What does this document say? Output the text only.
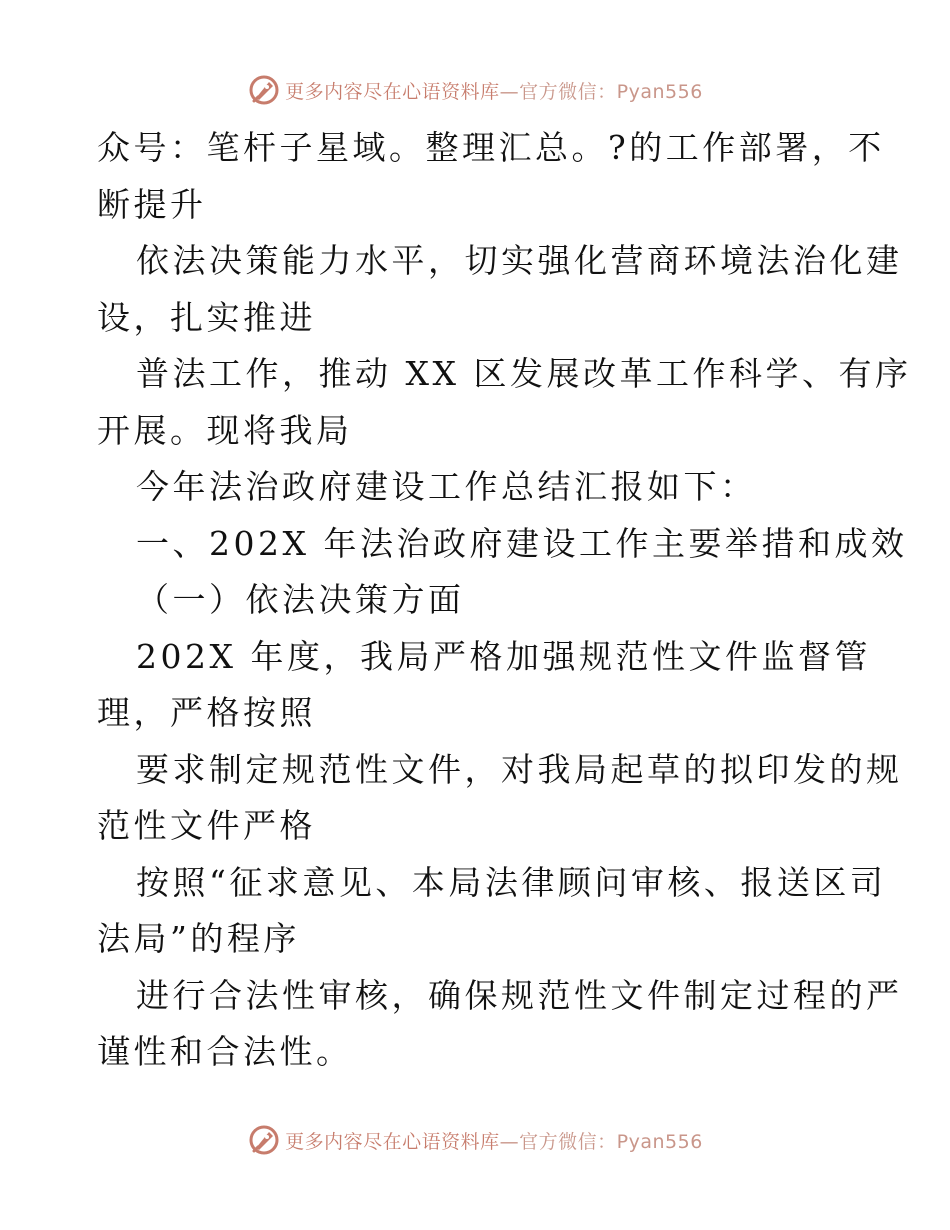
更多内容尽在心语资料库—官方微信：Pyan556
众号：笔杆子星域。整理汇总。?的工作部署，不
断提升
依法决策能力水平，切实强化营商环境法治化建
设，扎实推进
普法工作，推动 XX 区发展改革工作科学、有序
开展。现将我局
今年法治政府建设工作总结汇报如下：
一、202X 年法治政府建设工作主要举措和成效
（一）依法决策方面
202X 年度，我局严格加强规范性文件监督管
理，严格按照
要求制定规范性文件，对我局起草的拟印发的规
范性文件严格
按照“征求意见、本局法律顾问审核、报送区司
法局”的程序
进行合法性审核，确保规范性文件制定过程的严
谨性和合法性。
更多内容尽在心语资料库—官方微信：Pyan556
